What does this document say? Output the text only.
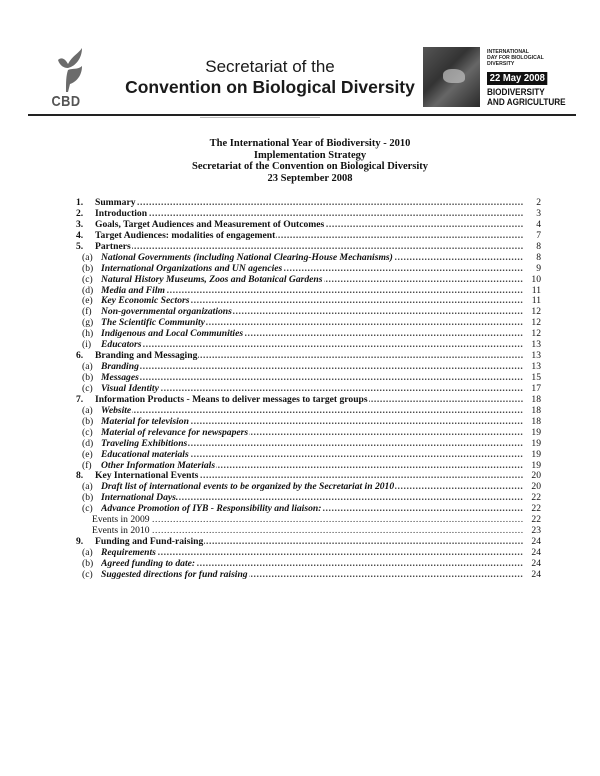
CBD
Secretariat of the
Convention on Biological Diversity
INTERNATIONAL
DAY FOR BIOLOGICAL
DIVERSITY
22 May 2008
BIODIVERSITY
AND AGRICULTURE
The International Year of Biodiversity - 2010
Implementation Strategy
Secretariat of the Convention on Biological Diversity
23 September 2008
1. Summary .....	2
2. Introduction .....	3
3. Goals, Target Audiences and Measurement of Outcomes .....	4
4. Target Audiences: modalities of engagement .....	7
5. Partners .....	8
(a) National Governments (including National Clearing-House Mechanisms) .....	8
(b) International Organizations and UN agencies .....	9
(c) Natural History Museums, Zoos and Botanical Gardens .....	10
(d) Media and Film .....	11
(e) Key Economic Sectors .....	11
(f) Non-governmental organizations .....	12
(g) The Scientific Community .....	12
(h) Indigenous and Local Communities .....	12
(i) Educators .....	13
6. Branding and Messaging .....	13
(a) Branding .....	13
(b) Messages .....	15
(c) Visual Identity .....	17
7. Information Products - Means to deliver messages to target groups .....	18
(a) Website .....	18
(b) Material for television .....	18
(c) Material of relevance for newspapers .....	19
(d) Traveling Exhibitions .....	19
(e) Educational materials .....	19
(f) Other Information Materials .....	19
8. Key International Events .....	20
(a) Draft list of international events to be organized by the Secretariat in 2010 .....	20
(b) International Days. .....	22
(c) Advance Promotion of IYB - Responsibility and liaison: .....	22
Events in 2009 .....	22
Events in 2010 .....	23
9. Funding and Fund-raising .....	24
(a) Requirements .....	24
(b) Agreed funding to date: .....	24
(c) Suggested directions for fund raising .....	24
